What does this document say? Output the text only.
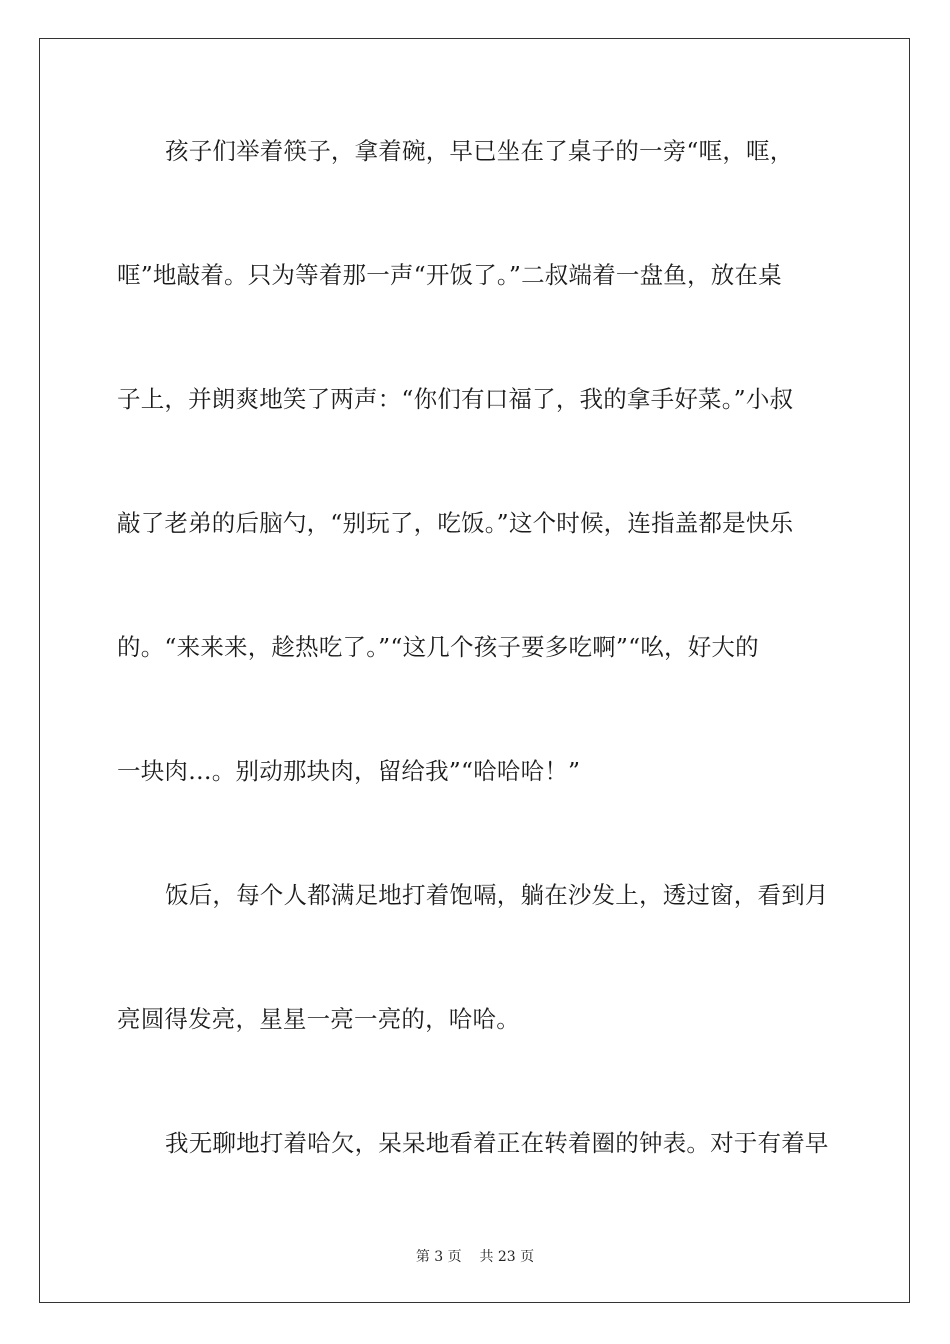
孩子们举着筷子，拿着碗，早已坐在了桌子的一旁“哐，哐，
哐”地敲着。只为等着那一声“开饭了。”二叔端着一盘鱼，放在桌
子上，并朗爽地笑了两声：“你们有口福了，我的拿手好菜。”小叔
敲了老弟的后脑勺，“别玩了，吃饭。”这个时候，连指盖都是快乐
的。“来来来，趁热吃了。”“这几个孩子要多吃啊”“吆，好大的
一块肉…。别动那块肉，留给我”“哈哈哈！”
饭后，每个人都满足地打着饱嗝，躺在沙发上，透过窗，看到月
亮圆得发亮，星星一亮一亮的，哈哈。
我无聊地打着哈欠，呆呆地看着正在转着圈的钟表。对于有着早
第 3 页 共 23 页
